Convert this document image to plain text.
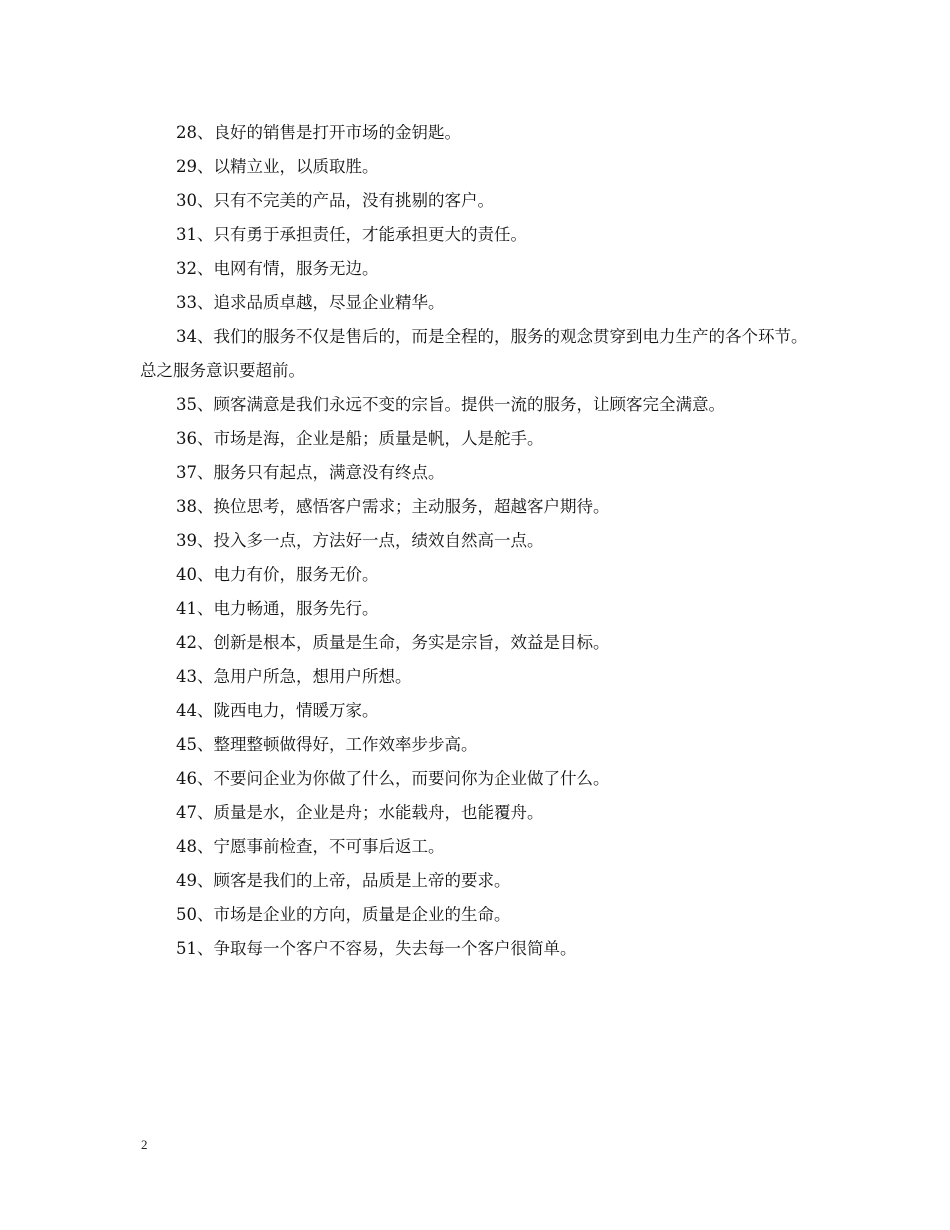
28、良好的销售是打开市场的金钥匙。

29、以精立业，以质取胜。

30、只有不完美的产品，没有挑剔的客户。

31、只有勇于承担责任，才能承担更大的责任。

32、电网有情，服务无边。

33、追求品质卓越，尽显企业精华。

34、我们的服务不仅是售后的，而是全程的，服务的观念贯穿到电力生产的各个环节。总之服务意识要超前。

35、顾客满意是我们永远不变的宗旨。提供一流的服务，让顾客完全满意。

36、市场是海，企业是船；质量是帆，人是舵手。

37、服务只有起点，满意没有终点。

38、换位思考，感悟客户需求；主动服务，超越客户期待。

39、投入多一点，方法好一点，绩效自然高一点。

40、电力有价，服务无价。

41、电力畅通，服务先行。

42、创新是根本，质量是生命，务实是宗旨，效益是目标。

43、急用户所急，想用户所想。

44、陇西电力，情暖万家。

45、整理整顿做得好，工作效率步步高。

46、不要问企业为你做了什么，而要问你为企业做了什么。

47、质量是水，企业是舟；水能载舟，也能覆舟。

48、宁愿事前检查，不可事后返工。

49、顾客是我们的上帝，品质是上帝的要求。

50、市场是企业的方向，质量是企业的生命。

51、争取每一个客户不容易，失去每一个客户很简单。

2
